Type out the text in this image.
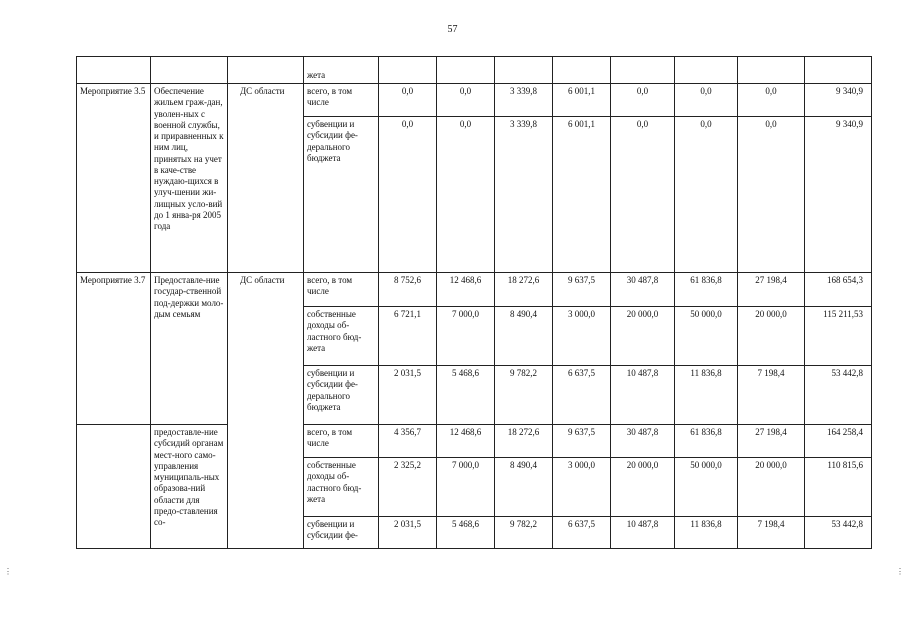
57
			жета								
Мероприятие 3.5	Обеспечение жильем граж-дан, уволен-ных с военной службы, и приравненных к ним лиц, принятых на учет в каче-стве нуждаю-щихся в улуч-шении жи-лищных усло-вий до 1 янва-ря 2005 года	ДС области	всего, в том числе	0,0	0,0	3 339,8	6 001,1	0,0	0,0	0,0	9 340,9
			субвенции и субсидии фе-дерального бюджета	0,0	0,0	3 339,8	6 001,1	0,0	0,0	0,0	9 340,9
Мероприятие 3.7	Предоставле-ние государ-ственной под-держки моло-дым семьям	ДС области	всего, в том числе	8 752,6	12 468,6	18 272,6	9 637,5	30 487,8	61 836,8	27 198,4	168 654,3
			собственные доходы об-ластного бюд-жета	6 721,1	7 000,0	8 490,4	3 000,0	20 000,0	50 000,0	20 000,0	115 211,53
			субвенции и субсидии фе-дерального бюджета	2 031,5	5 468,6	9 782,2	6 637,5	10 487,8	11 836,8	7 198,4	53 442,8
	предоставле-ние субсидий органам мест-ного само-управления муниципаль-ных образова-ний области для предо-ставления со-		всего, в том числе	4 356,7	12 468,6	18 272,6	9 637,5	30 487,8	61 836,8	27 198,4	164 258,4
			собственные доходы об-ластного бюд-жета	2 325,2	7 000,0	8 490,4	3 000,0	20 000,0	50 000,0	20 000,0	110 815,6
			субвенции и субсидии фе-	2 031,5	5 468,6	9 782,2	6 637,5	10 487,8	11 836,8	7 198,4	53 442,8
⋮	⋮
